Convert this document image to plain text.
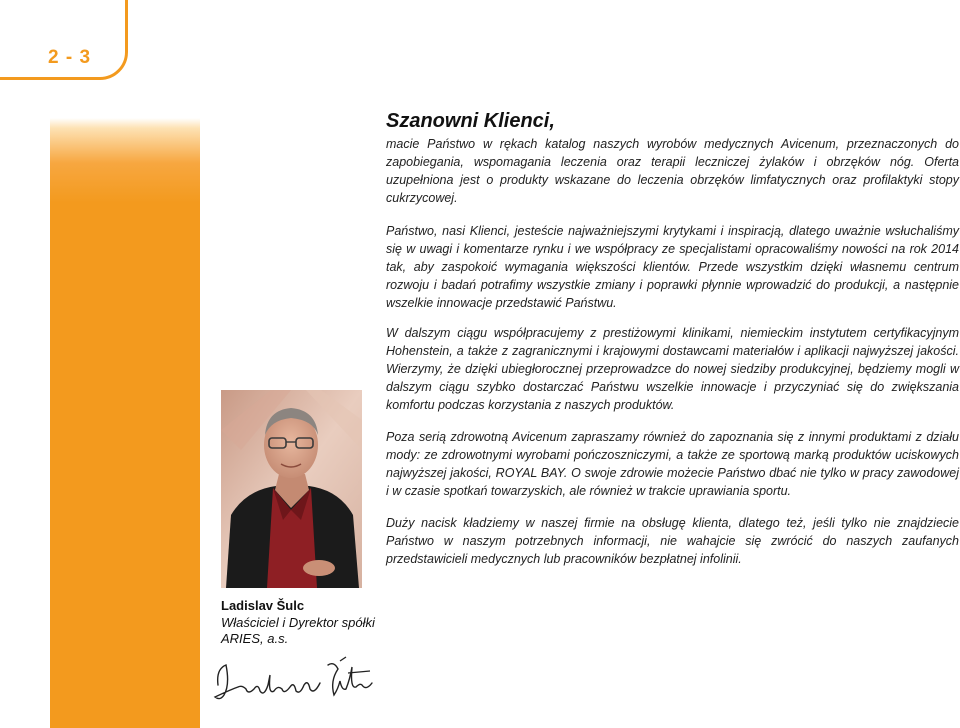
2 - 3
Ladislav Šulc
Właściciel i Dyrektor spółki ARIES, a.s.
Szanowni Klienci,

macie Państwo w rękach katalog naszych wyrobów medycznych Avicenum, przeznaczonych do zapobiegania, wspomagania leczenia oraz terapii leczniczej żylaków i obrzęków nóg. Oferta uzupełniona jest o produkty wskazane do leczenia obrzęków limfatycznych oraz profilaktyki stopy cukrzycowej.

Państwo, nasi Klienci, jesteście najważniejszymi krytykami i inspiracją, dlatego uważnie wsłuchaliśmy się w uwagi i komentarze rynku i we współpracy ze specjalistami opracowaliśmy nowości na rok 2014 tak, aby zaspokoić wymagania większości klientów. Przede wszystkim dzięki własnemu centrum rozwoju i badań potrafimy wszystkie zmiany i poprawki płynnie wprowadzić do produkcji, a następnie wszelkie innowacje przedstawić Państwu.

W dalszym ciągu współpracujemy z prestiżowymi klinikami, niemieckim instytutem certyfikacyjnym Hohenstein, a także z zagranicznymi i krajowymi dostawcami materiałów i aplikacji najwyższej jakości. Wierzymy, że dzięki ubiegłorocznej przeprowadzce do nowej siedziby produkcyjnej, będziemy mogli w dalszym ciągu szybko dostarczać Państwu wszelkie innowacje i przyczyniać się do zwiększania komfortu podczas korzystania z naszych produktów.

Poza serią zdrowotną Avicenum zapraszamy również do zapoznania się z innymi produktami z działu mody: ze zdrowotnymi wyrobami pończoszniczymi, a także ze sportową marką produktów uciskowych najwyższej jakości, ROYAL BAY. O swoje zdrowie możecie Państwo dbać nie tylko w pracy zawodowej i w czasie spotkań towarzyskich, ale również w trakcie uprawiania sportu.

Duży nacisk kładziemy w naszej firmie na obsługę klienta, dlatego też, jeśli tylko nie znajdziecie Państwo w naszym potrzebnych informacji, nie wahajcie się zwrócić do naszych zaufanych przedstawicieli medycznych lub pracowników bezpłatnej infolinii.
